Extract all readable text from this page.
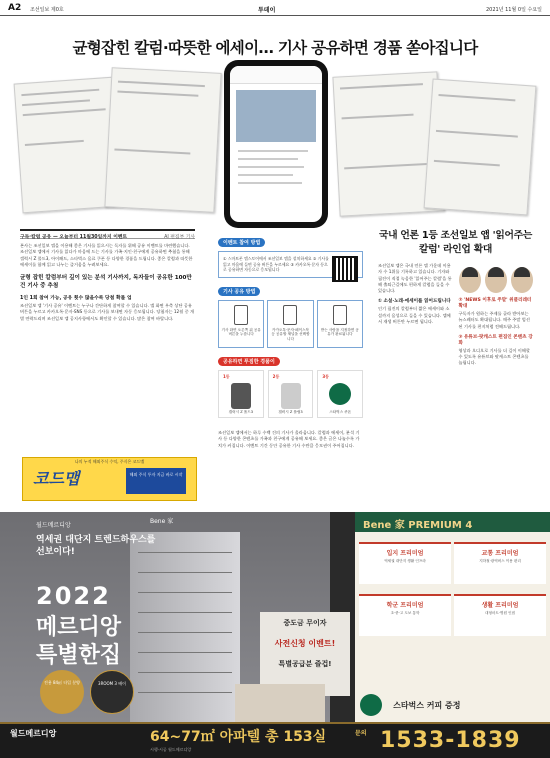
A2 조선일보 제0호	투데이	2021년 11월 0일 수요일
균형잡힌 칼럼·따뜻한 에세이… 기사 공유하면 경품 쏟아집니다
구독·칼럼 공유 — 오늘부터 11월30일까지 이벤트	AI 편집부 기사

본사는 조선일보 앱을 이용해 좋은 기사를 읽으시는 독자를 위해 공유 이벤트를 마련했습니다. 조선일보 앱에서 기사를 읽다가 마음에 드는 기사를 가족·지인·친구에게 공유하면 추첨을 통해 갤럭시 Z 폴드3, 아이패드, 스타벅스 음료 쿠폰 등 다양한 경품을 드립니다. 좋은 칼럼과 따뜻한 에세이를 함께 읽고 나누는 즐거움을 누려보세요.

균형 잡힌 칼럼부터 깊이 있는 분석 기사까지, 독자들이 공유한 100만 건 기사 중 추첨

1인 1회 참여 가능, 공유 횟수 많을수록 당첨 확률 업

조선일보 앱 '기사 공유' 이벤트는 누구나 간단하게 참여할 수 있습니다. 앱 화면 우측 상단 공유 버튼을 누르고 카카오톡·문자·SNS 등으로 기사를 보내면 자동 응모됩니다. 당첨자는 12월 중 개별 연락드리며 조선일보 앱 공지사항에서도 확인할 수 있습니다. 많은 참여 바랍니다.

이벤트 참여 방법
① 스마트폰 앱스토어에서 조선일보 앱을 설치하세요 ② 기사를 읽고 마음에 들면 공유 버튼을 누르세요 ③ 카카오톡·문자 등으로 공유하면 자동으로 응모됩니다
기사 공유 방법
기사 화면 오른쪽 위 공유 버튼을 누릅니다
카카오톡·문자·페이스북 등 공유할 채널을 선택합니다
받는 사람을 지정하면 공유가 완료됩니다
공유하면 푸짐한 경품이
1등
갤럭시 Z 폴드3
2등
갤럭시 Z 플립3
3등
스타벅스 쿠폰

조선일보 앱에서는 하루 수백 건의 기사가 올라옵니다. 칼럼과 에세이, 분석 기사 등 다양한 콘텐츠를 가족과 친구에게 공유해 보세요. 좋은 글은 나눌수록 가치가 커집니다. 이벤트 기간 동안 공유한 기사 수만큼 응모권이 주어집니다.

국내 언론 1등 조선일보 앱 '읽어주는 칼럼' 라인업 확대

조선일보 앱은 국내 언론 앱 가운데 이용자 수 1위를 기록하고 있습니다. 기자와 필진이 직접 녹음한 '읽어주는 칼럼'을 통해 출퇴근길에도 편하게 칼럼을 들을 수 있습니다.

① 소설·노래·에세이를 읽어드립니다

인기 필진의 칼럼부터 짧은 에세이와 소설까지 음성으로 들을 수 있습니다. 앱에서 재생 버튼만 누르면 됩니다.

② 'NEWS 이후로 주말' 위클리레터 확대

구독자가 원하는 주제를 골라 받아보는 뉴스레터도 확대됩니다. 매주 주말 엄선된 기사를 편지처럼 전해드립니다.

③ 유튜브·팟캐스트 편집인 콘텐츠 강화

영상과 오디오로 기사를 더 깊이 이해할 수 있도록 유튜브와 팟캐스트 콘텐츠를 늘립니다.

나의 누적 해외주식 수익, 주식은 코드맵
코드맵	해외 주식 투자 지금 바로 시작
월드메르디앙
Bene 家
역세권 대단지 트렌드하우스를 선보이다!
2022
메르디앙
특별한집
전용 84㎡ 타입 분양	3ROOM 3 배이
중도금 무이자
사전신청 이벤트!
특별공급분 즐겁!
Bene 家 PREMIUM 4
입지 프리미엄
역세권 대단지 생활 인프라
교통 프리미엄
지하철·광역버스 이용 편리
학군 프리미엄
초·중·고 도보 통학
생활 프리미엄
대형마트·병원 인접
스타벅스 커피 증정
월드메르디앙	64~77㎡ 아파텔 총 153실
시행·시공 월드메르디앙
문의 1533-1839
